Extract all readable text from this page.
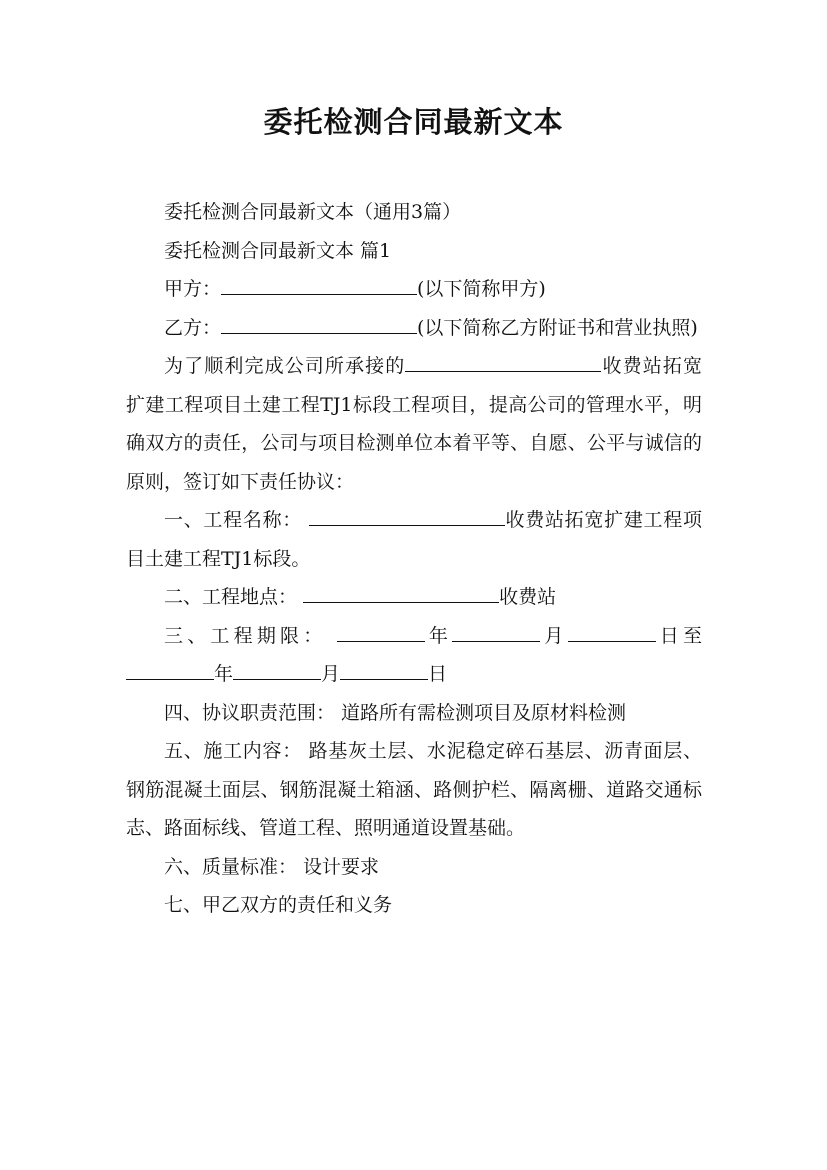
委托检测合同最新文本

委托检测合同最新文本（通用3篇）

委托检测合同最新文本 篇1

甲方：	(以下简称甲方)

乙方：	(以下简称乙方附证书和营业执照)

为了顺利完成公司所承接的	收费站拓宽扩建工程项目土建工程TJ1标段工程项目，提高公司的管理水平，明确双方的责任，公司与项目检测单位本着平等、自愿、公平与诚信的原则，签订如下责任协议：

一、工程名称：	收费站拓宽扩建工程项目土建工程TJ1标段。

二、工程地点：	收费站

三、工程期限：	年	月	日至年	月	日

四、协议职责范围： 道路所有需检测项目及原材料检测

五、施工内容： 路基灰土层、水泥稳定碎石基层、沥青面层、钢筋混凝土面层、钢筋混凝土箱涵、路侧护栏、隔离栅、道路交通标志、路面标线、管道工程、照明通道设置基础。

六、质量标准： 设计要求

七、甲乙双方的责任和义务
